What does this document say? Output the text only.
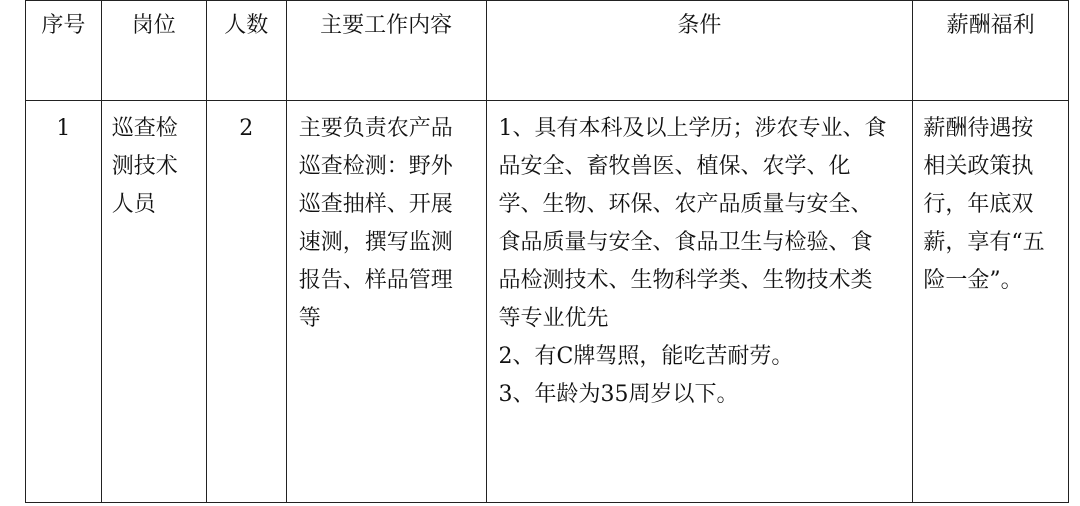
序号	岗位	人数	主要工作内容	条件	薪酬福利

1	巡查检测技术人员	2	主要负责农产品巡查检测：野外巡查抽样、开展速测，撰写监测报告、样品管理等	1、具有本科及以上学历；涉农专业、食品安全、畜牧兽医、植保、农学、化学、生物、环保、农产品质量与安全、食品质量与安全、食品卫生与检验、食品检测技术、生物科学类、生物技术类等专业优先
2、有C牌驾照，能吃苦耐劳。
3、年龄为35周岁以下。	薪酬待遇按相关政策执行，年底双薪，享有“五险一金”。
